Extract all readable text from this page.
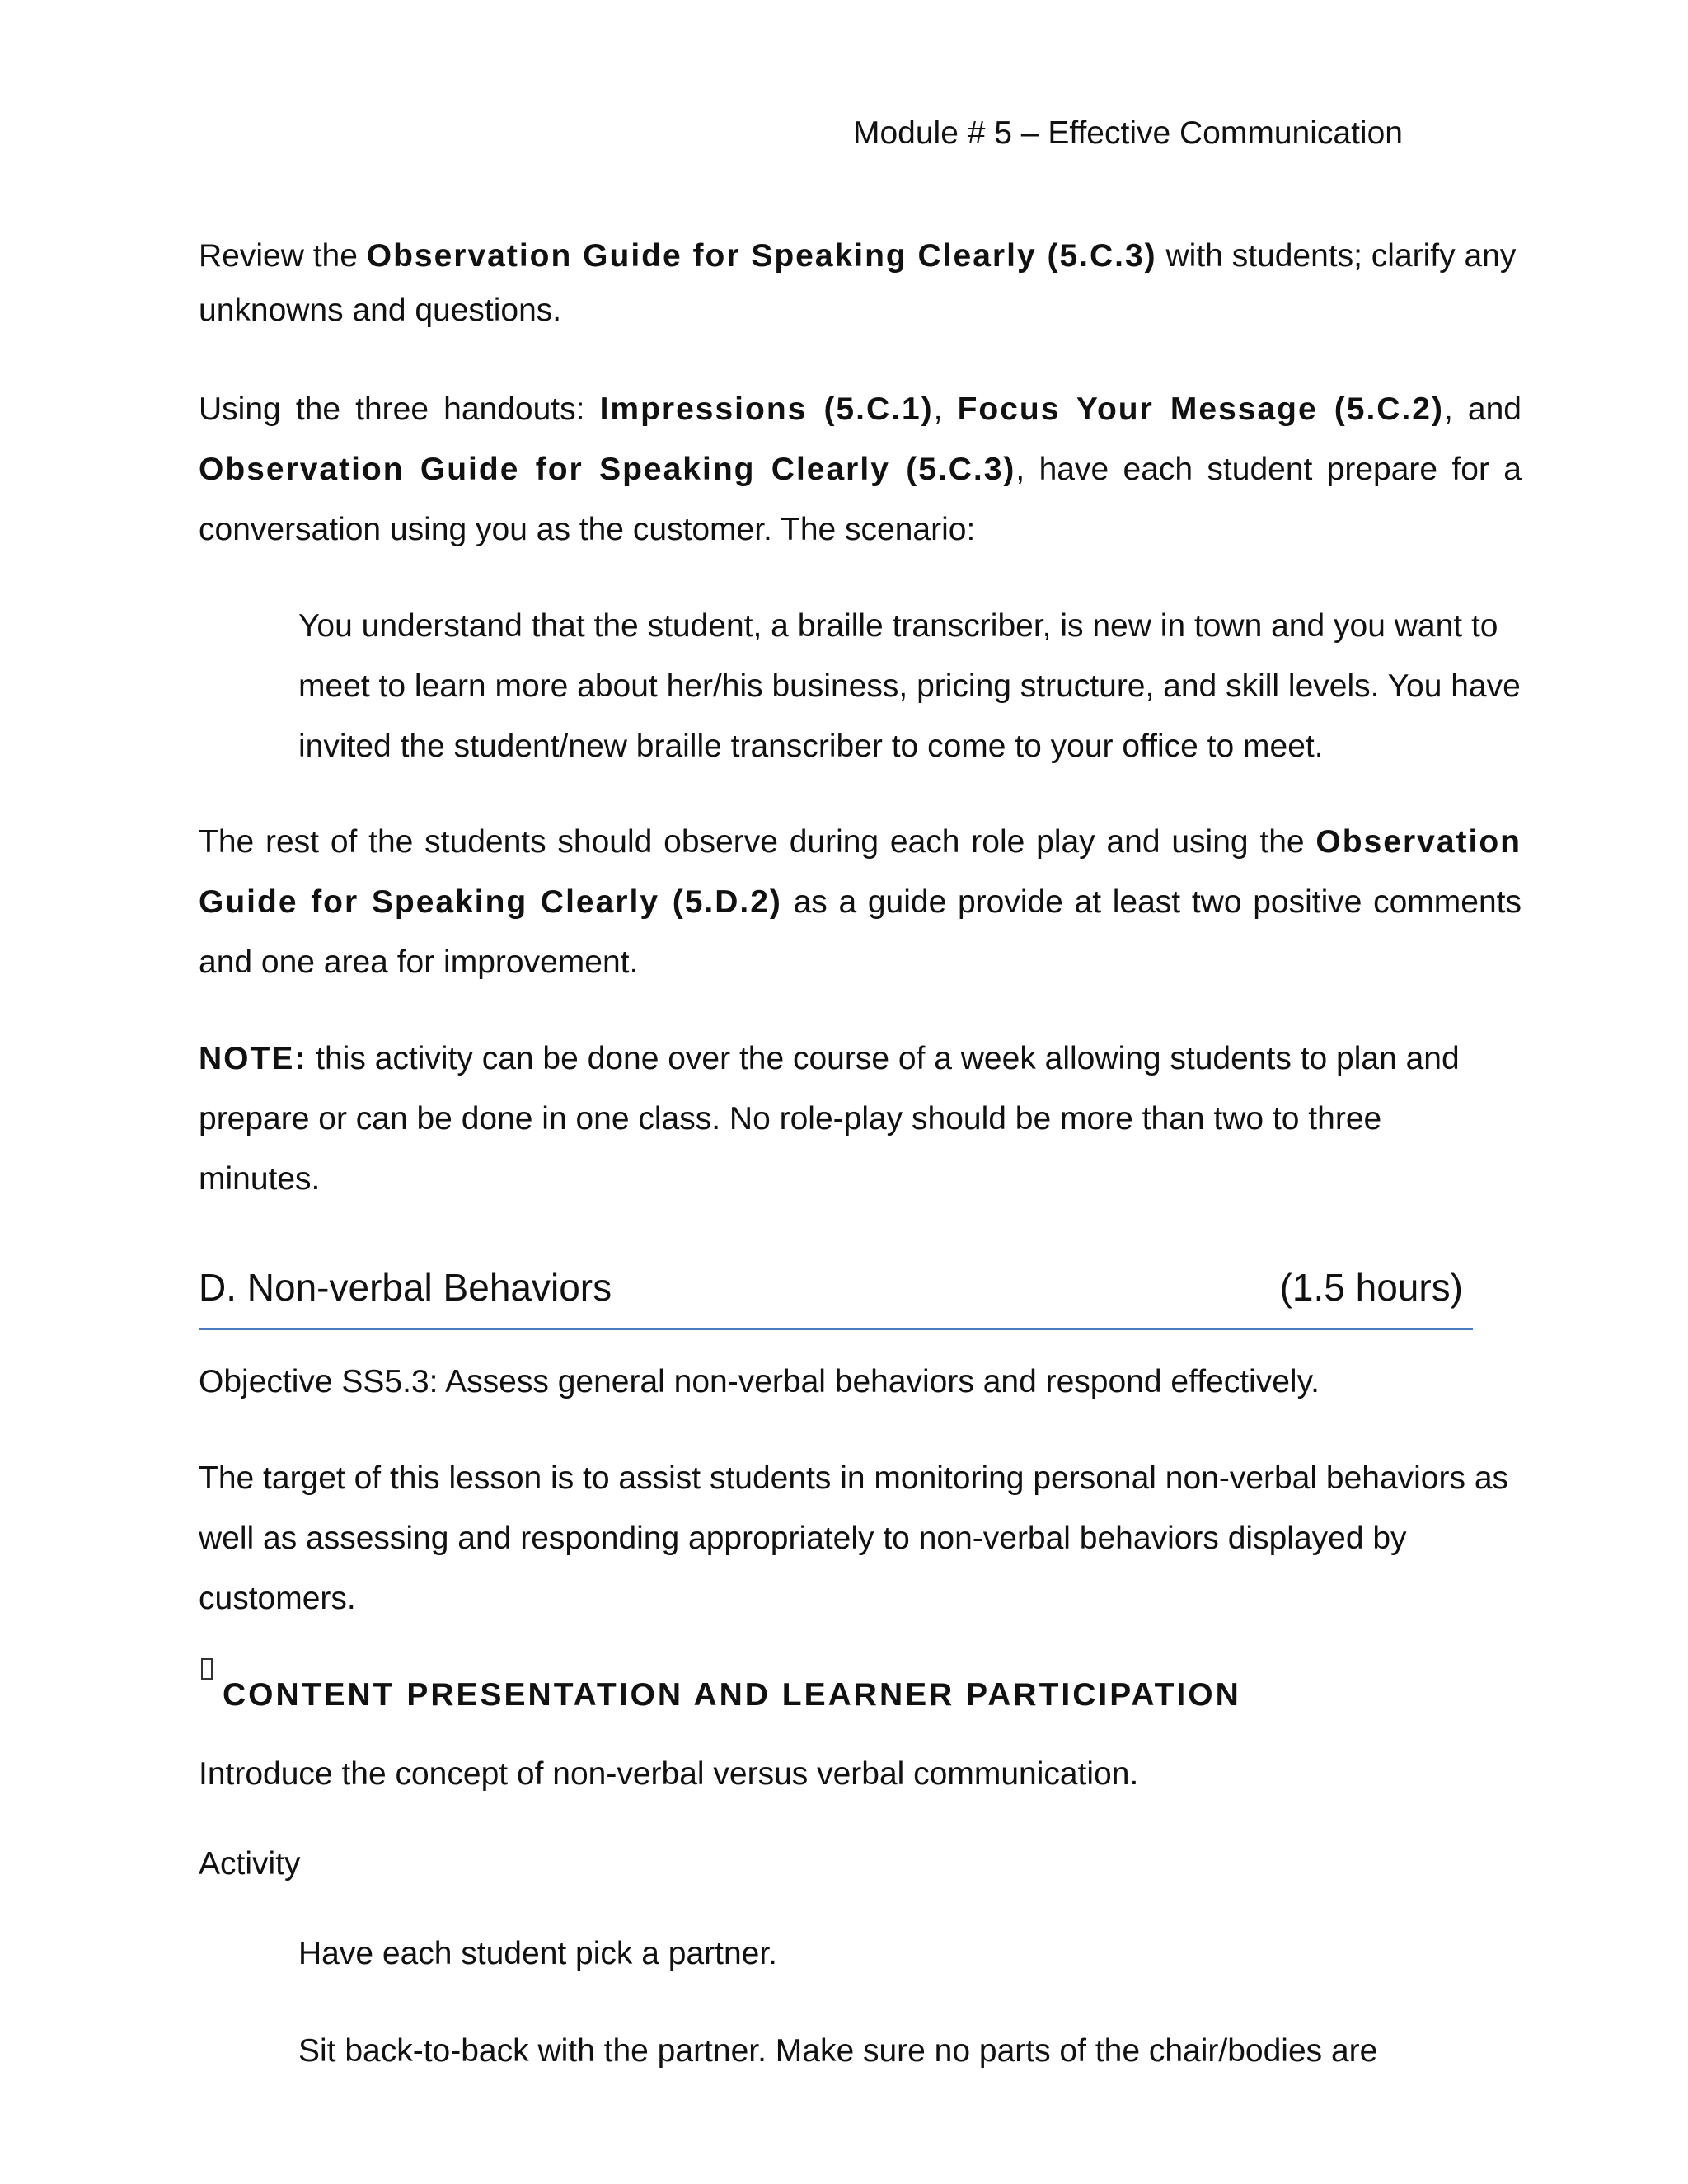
Module # 5 – Effective Communication

Review the Observation Guide for Speaking Clearly (5.C.3) with students; clarify any unknowns and questions.

Using the three handouts: Impressions (5.C.1), Focus Your Message (5.C.2), and Observation Guide for Speaking Clearly (5.C.3), have each student prepare for a conversation using you as the customer. The scenario:

You understand that the student, a braille transcriber, is new in town and you want to meet to learn more about her/his business, pricing structure, and skill levels. You have invited the student/new braille transcriber to come to your office to meet.

The rest of the students should observe during each role play and using the Observation Guide for Speaking Clearly (5.D.2) as a guide provide at least two positive comments and one area for improvement.

NOTE: this activity can be done over the course of a week allowing students to plan and prepare or can be done in one class. No role-play should be more than two to three minutes.

D. Non-verbal Behaviors	(1.5 hours)

Objective SS5.3: Assess general non-verbal behaviors and respond effectively.

The target of this lesson is to assist students in monitoring personal non-verbal behaviors as well as assessing and responding appropriately to non-verbal behaviors displayed by customers.

CONTENT PRESENTATION AND LEARNER PARTICIPATION

Introduce the concept of non-verbal versus verbal communication.

Activity

Have each student pick a partner.

Sit back-to-back with the partner. Make sure no parts of the chair/bodies are
